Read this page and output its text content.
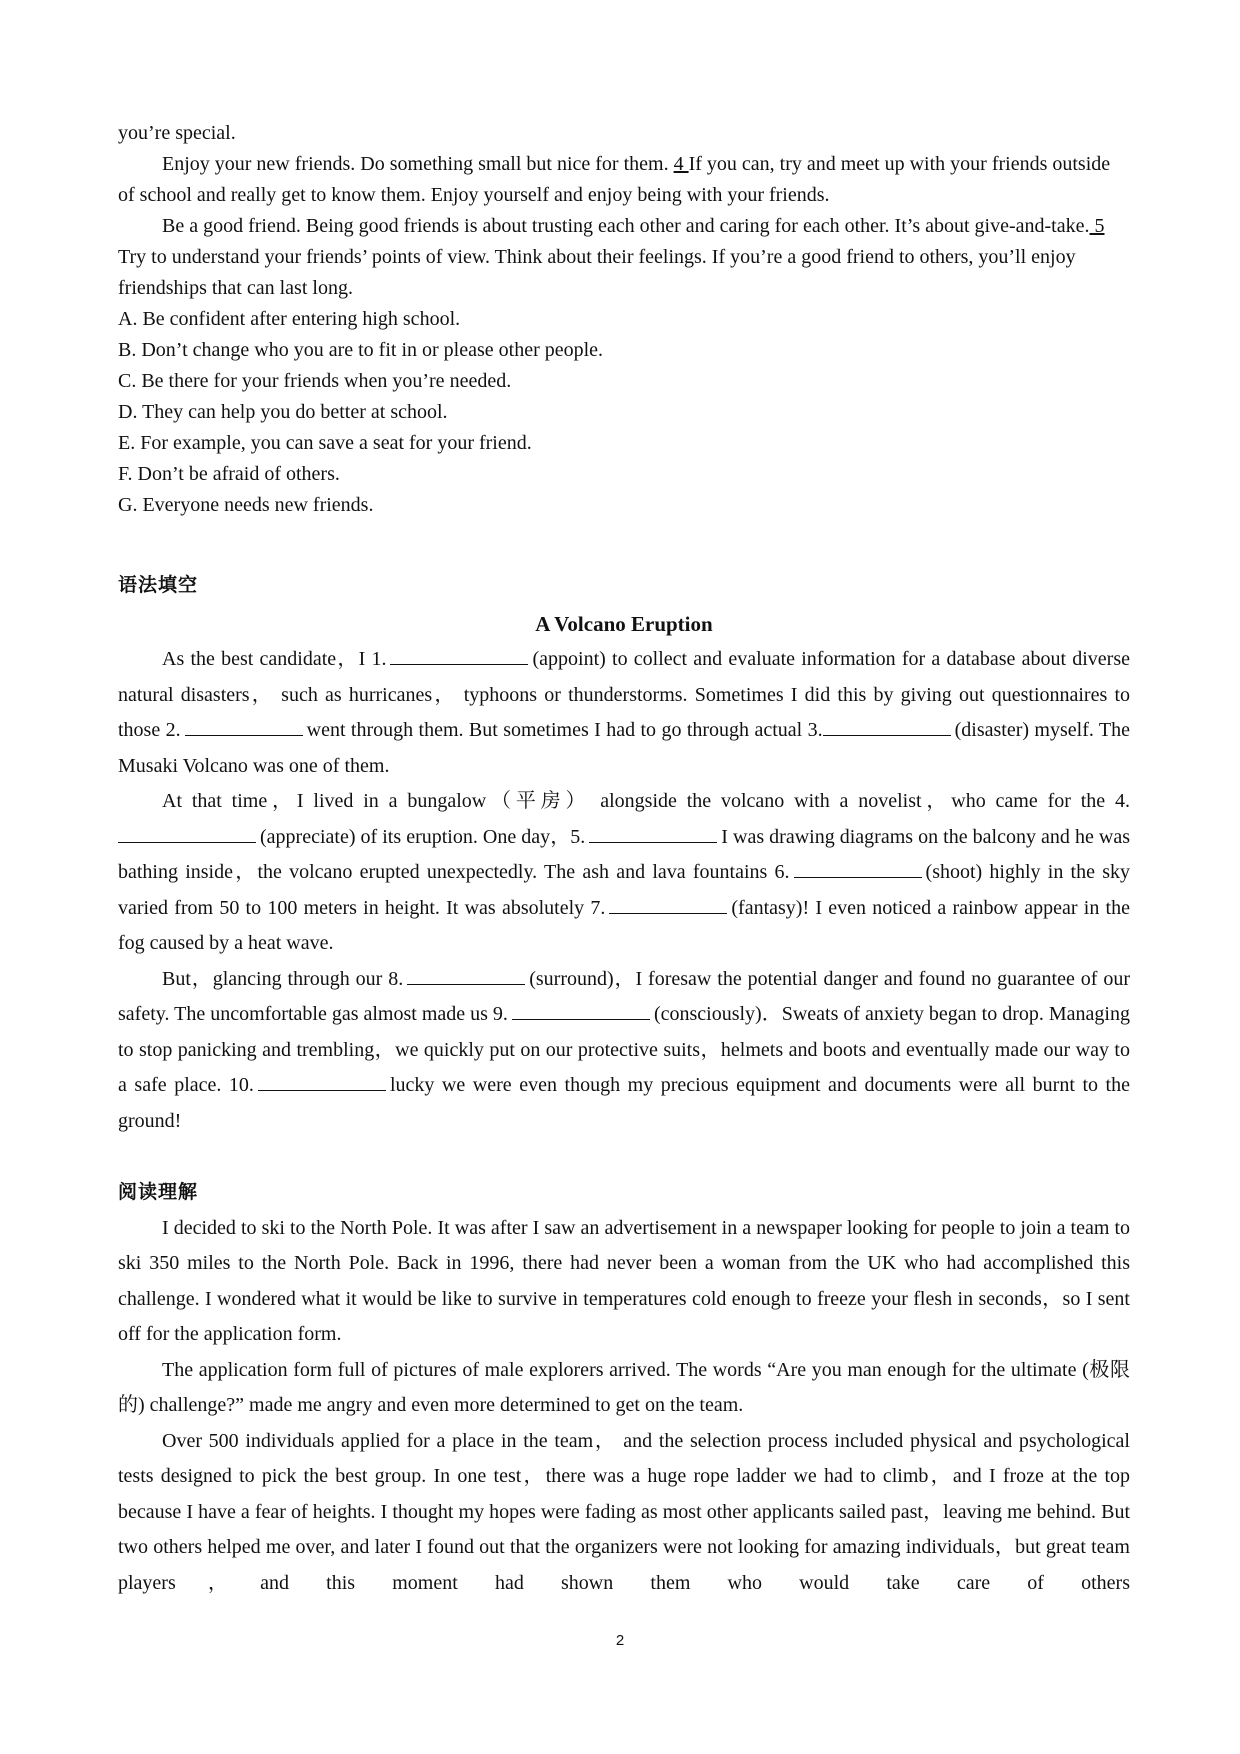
you’re special.

Enjoy your new friends. Do something small but nice for them. 4 If you can, try and meet up with your friends outside of school and really get to know them. Enjoy yourself and enjoy being with your friends.

Be a good friend. Being good friends is about trusting each other and caring for each other. It’s about give-and-take. 5 Try to understand your friends’ points of view. Think about their feelings. If you’re a good friend to others, you’ll enjoy friendships that can last long.

A. Be confident after entering high school.

B. Don’t change who you are to fit in or please other people.

C. Be there for your friends when you’re needed.

D. They can help you do better at school.

E. For example, you can save a seat for your friend.

F. Don’t be afraid of others.

G. Everyone needs new friends.

语法填空

A Volcano Eruption

As the best candidate，I 1.	(appoint) to collect and evaluate information for a database about diverse natural disasters， such as hurricanes， typhoons or thunderstorms. Sometimes I did this by giving out questionnaires to those 2.	went through them. But sometimes I had to go through actual 3.	(disaster) myself. The Musaki Volcano was one of them.

At that time，I lived in a bungalow（平房） alongside the volcano with a novelist，who came for the 4.(appreciate) of its eruption. One day，5.	I was drawing diagrams on the balcony and he was bathing inside，the volcano erupted unexpectedly. The ash and lava fountains 6.	(shoot) highly in the sky varied from 50 to 100 meters in height. It was absolutely 7.	(fantasy)! I even noticed a rainbow appear in the fog caused by a heat wave.

But，glancing through our 8.	(surround)，I foresaw the potential danger and found no guarantee of our safety. The uncomfortable gas almost made us 9.	(consciously)．Sweats of anxiety began to drop. Managing to stop panicking and trembling，we quickly put on our protective suits，helmets and boots and eventually made our way to a safe place. 10.	lucky we were even though my precious equipment and documents were all burnt to the ground!

阅读理解

I decided to ski to the North Pole. It was after I saw an advertisement in a newspaper looking for people to join a team to ski 350 miles to the North Pole. Back in 1996, there had never been a woman from the UK who had accomplished this challenge. I wondered what it would be like to survive in temperatures cold enough to freeze your flesh in seconds，so I sent off for the application form.

The application form full of pictures of male explorers arrived. The words “Are you man enough for the ultimate (极限的) challenge?” made me angry and even more determined to get on the team.

Over 500 individuals applied for a place in the team， and the selection process included physical and psychological tests designed to pick the best group. In one test，there was a huge rope ladder we had to climb，and I froze at the top because I have a fear of heights. I thought my hopes were fading as most other applicants sailed past，leaving me behind. But two others helped me over, and later I found out that the organizers were not looking for amazing individuals，but great team players，and this moment had shown them who would take care of others

2
